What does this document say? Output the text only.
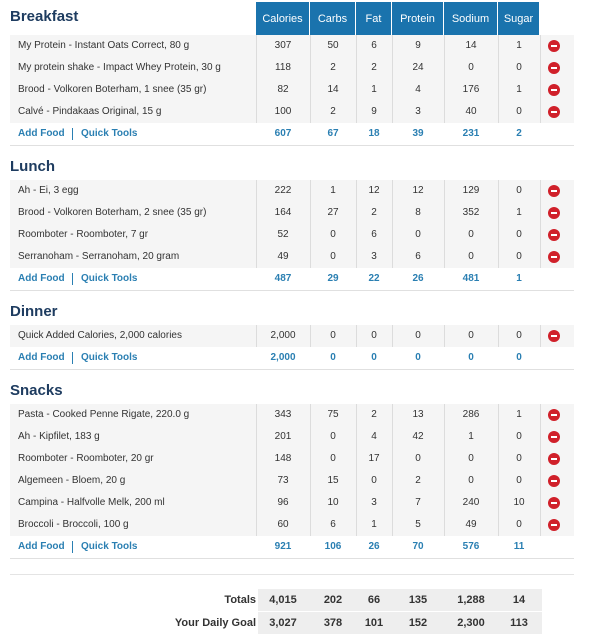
Calories	Carbs	Fat	Protein	Sodium	Sugar
Breakfast
My Protein - Instant Oats Correct, 80 g	307	50	6	9	14	1
My protein shake - Impact Whey Protein, 30 g	118	2	2	24	0	0
Brood - Volkoren Boterham, 1 snee (35 gr)	82	14	1	4	176	1
Calvé - Pindakaas Original, 15 g	100	2	9	3	40	0
Add Food Quick Tools	607	67	18	39	231	2
Lunch
Ah - Ei, 3 egg	222	1	12	12	129	0
Brood - Volkoren Boterham, 2 snee (35 gr)	164	27	2	8	352	1
Roomboter - Roomboter, 7 gr	52	0	6	0	0	0
Serranoham - Serranoham, 20 gram	49	0	3	6	0	0
Add Food Quick Tools	487	29	22	26	481	1
Dinner
Quick Added Calories, 2,000 calories	2,000	0	0	0	0	0
Add Food Quick Tools	2,000	0	0	0	0	0
Snacks
Pasta - Cooked Penne Rigate, 220.0 g	343	75	2	13	286	1
Ah - Kipfilet, 183 g	201	0	4	42	1	0
Roomboter - Roomboter, 20 gr	148	0	17	0	0	0
Algemeen - Bloem, 20 g	73	15	0	2	0	0
Campina - Halfvolle Melk, 200 ml	96	10	3	7	240	10
Broccoli - Broccoli, 100 g	60	6	1	5	49	0
Add Food Quick Tools	921	106	26	70	576	11
Totals	4,015	202	66	135	1,288	14
Your Daily Goal	3,027	378	101	152	2,300	113
